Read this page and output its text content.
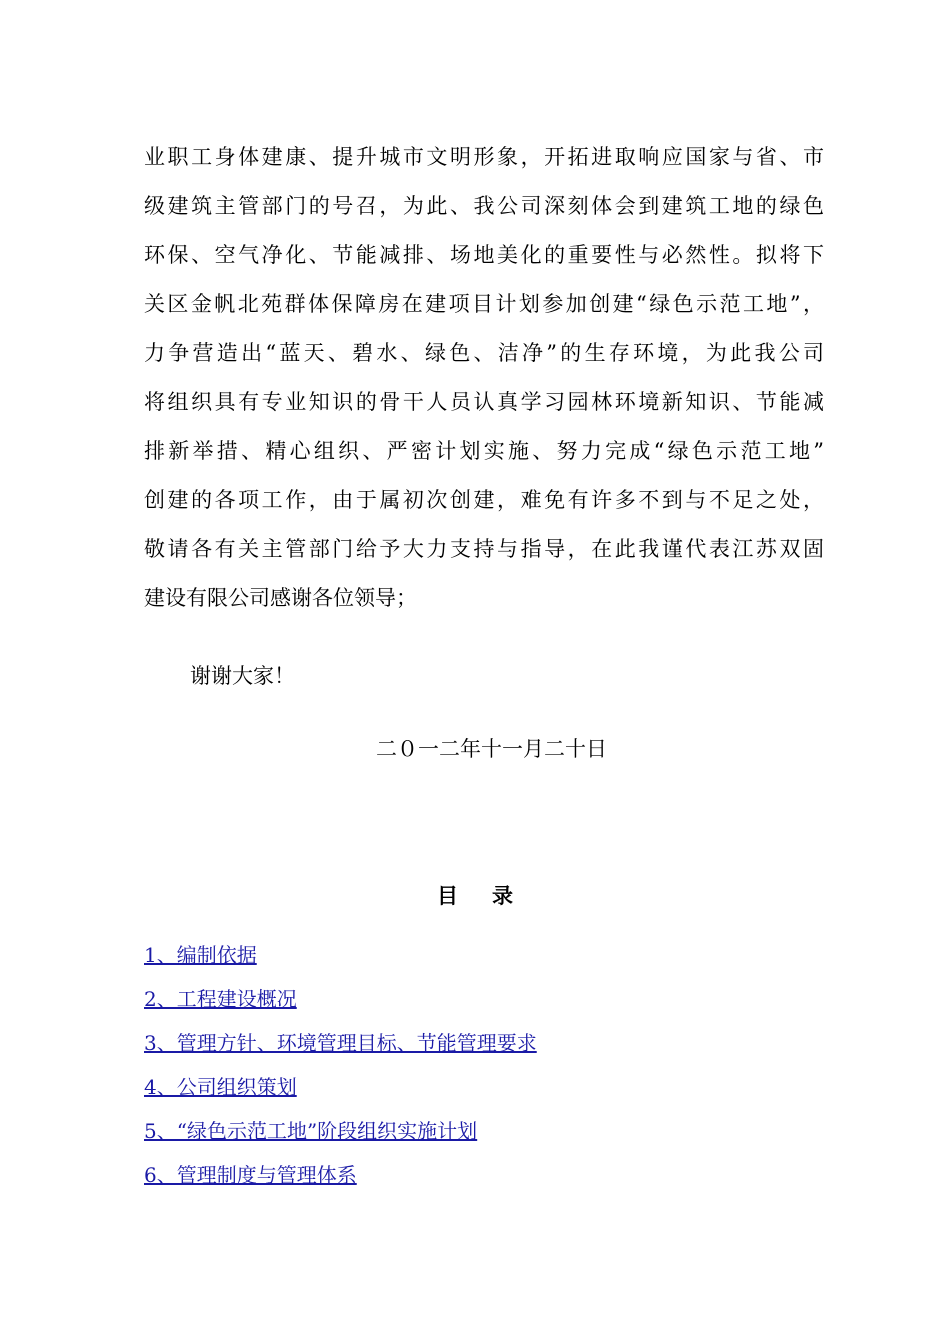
业职工身体建康、提升城市文明形象，开拓进取响应国家与省、市
级建筑主管部门的号召，为此、我公司深刻体会到建筑工地的绿色
环保、空气净化、节能减排、场地美化的重要性与必然性。拟将下
关区金帆北苑群体保障房在建项目计划参加创建“绿色示范工地”，
力争营造出“蓝天、碧水、绿色、洁净”的生存环境，为此我公司
将组织具有专业知识的骨干人员认真学习园林环境新知识、节能减
排新举措、精心组织、严密计划实施、努力完成“绿色示范工地”
创建的各项工作，由于属初次创建，难免有许多不到与不足之处，
敬请各有关主管部门给予大力支持与指导，在此我谨代表江苏双固
建设有限公司感谢各位领导；

谢谢大家！

二０一二年十一月二十日

目 录
1、编制依据
2、工程建设概况
3、管理方针、环境管理目标、节能管理要求
4、公司组织策划
5、“绿色示范工地”阶段组织实施计划
6、管理制度与管理体系
